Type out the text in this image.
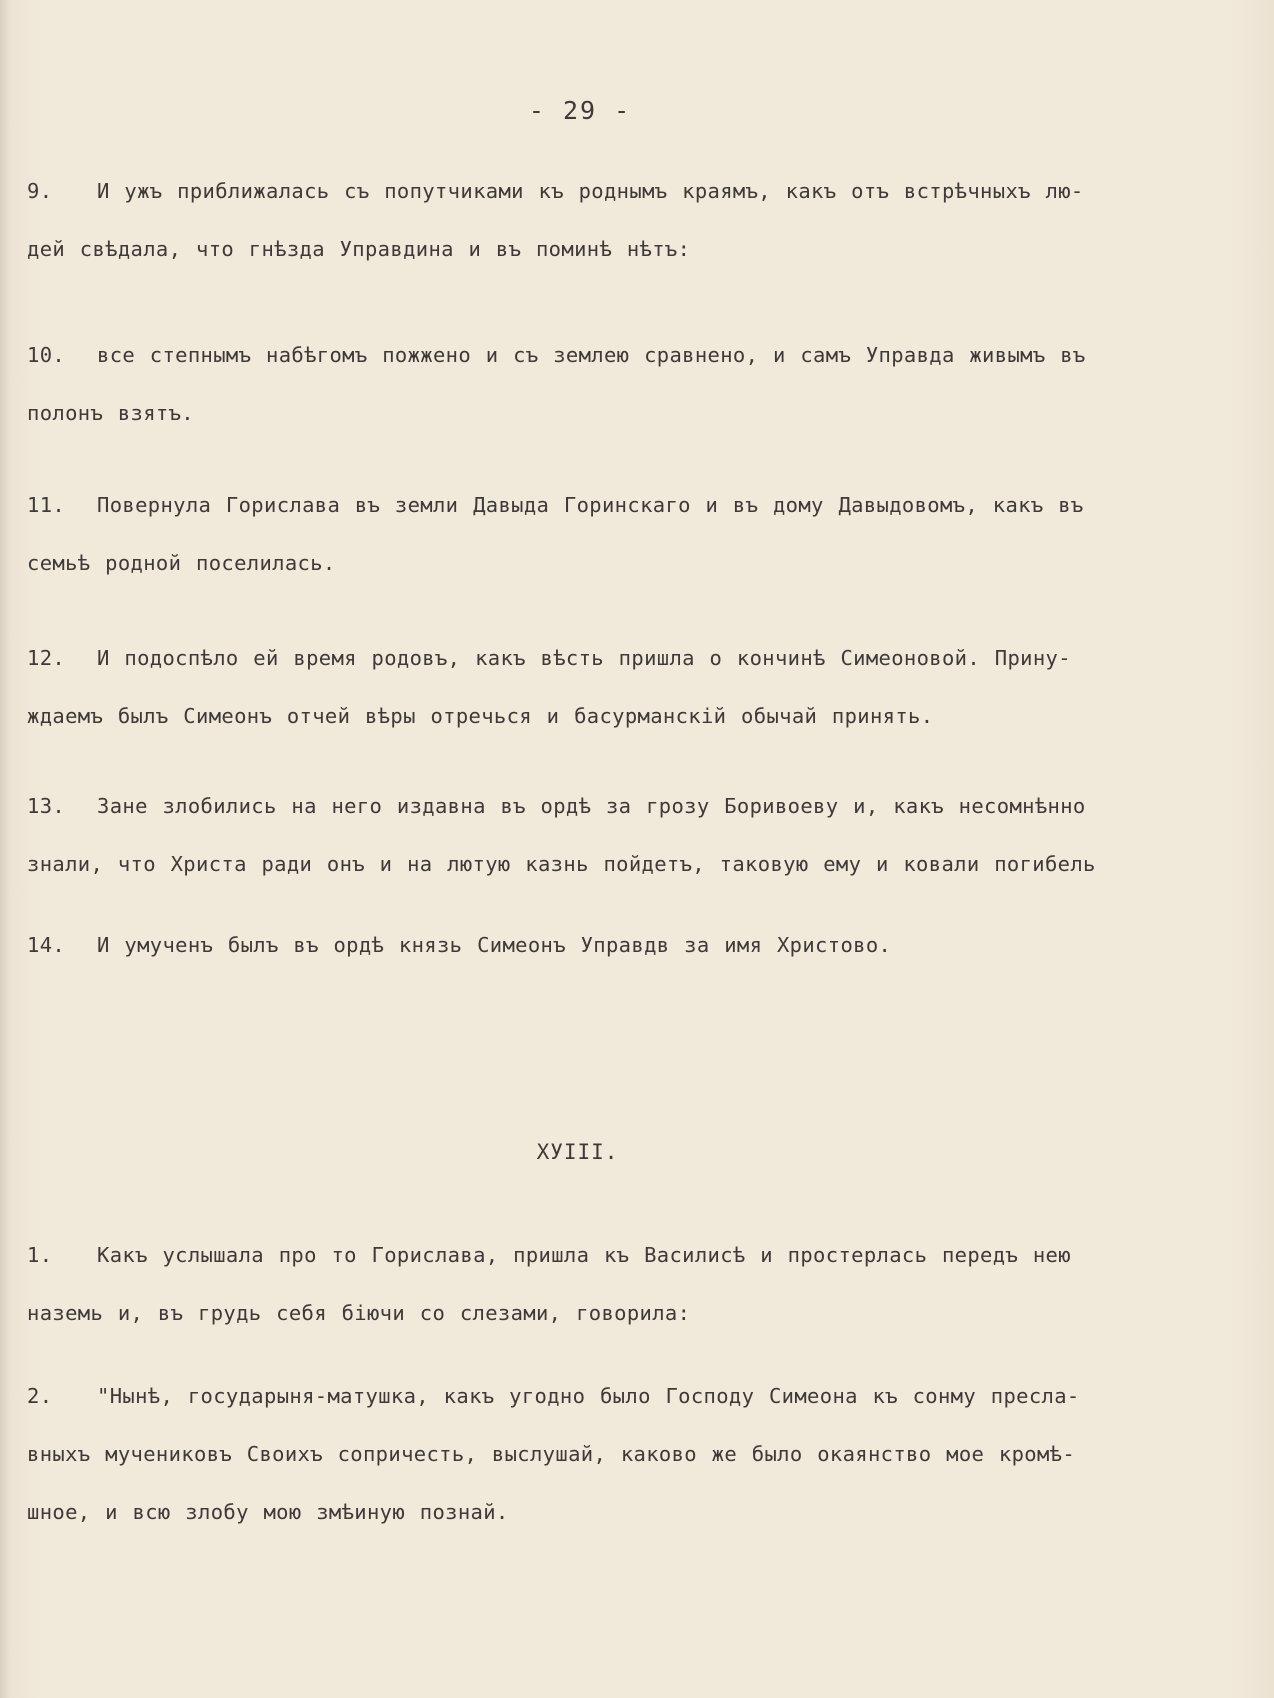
- 29 -
9. И ужъ приближалась съ попутчиками къ роднымъ краямъ, какъ отъ встрѣчныхъ лю-
дей свѣдала, что гнѣзда Управдина и въ поминѣ нѣтъ:
10. все степнымъ набѣгомъ пожжено и съ землею сравнено, и самъ Управда живымъ въ
полонъ взятъ.
11. Повернула Горислава въ земли Давыда Горинскаго и въ дому Давыдовомъ, какъ въ
семьѣ родной поселилась.
12. И подоспѣло ей время родовъ, какъ вѣсть пришла о кончинѣ Симеоновой. Прину-
ждаемъ былъ Симеонъ отчей вѣры отречься и басурманскій обычай принять.
13. Зане злобились на него издавна въ ордѣ за грозу Боривоеву и, какъ несомнѣнно
знали, что Христа ради онъ и на лютую казнь пойдетъ, таковую ему и ковали погибель
14. И умученъ былъ въ ордѣ князь Симеонъ Управдв за имя Христово.
ХУIII.
1. Какъ услышала про то Горислава, пришла къ Василисѣ и простерлась передъ нею
наземь и, въ грудь себя біючи со слезами, говорила:
2. "Нынѣ, государыня-матушка, какъ угодно было Господу Симеона къ сонму пресла-
вныхъ мучениковъ Своихъ сопричесть, выслушай, каково же было окаянство мое кромѣ-
шное, и всю злобу мою змѣиную познай.
